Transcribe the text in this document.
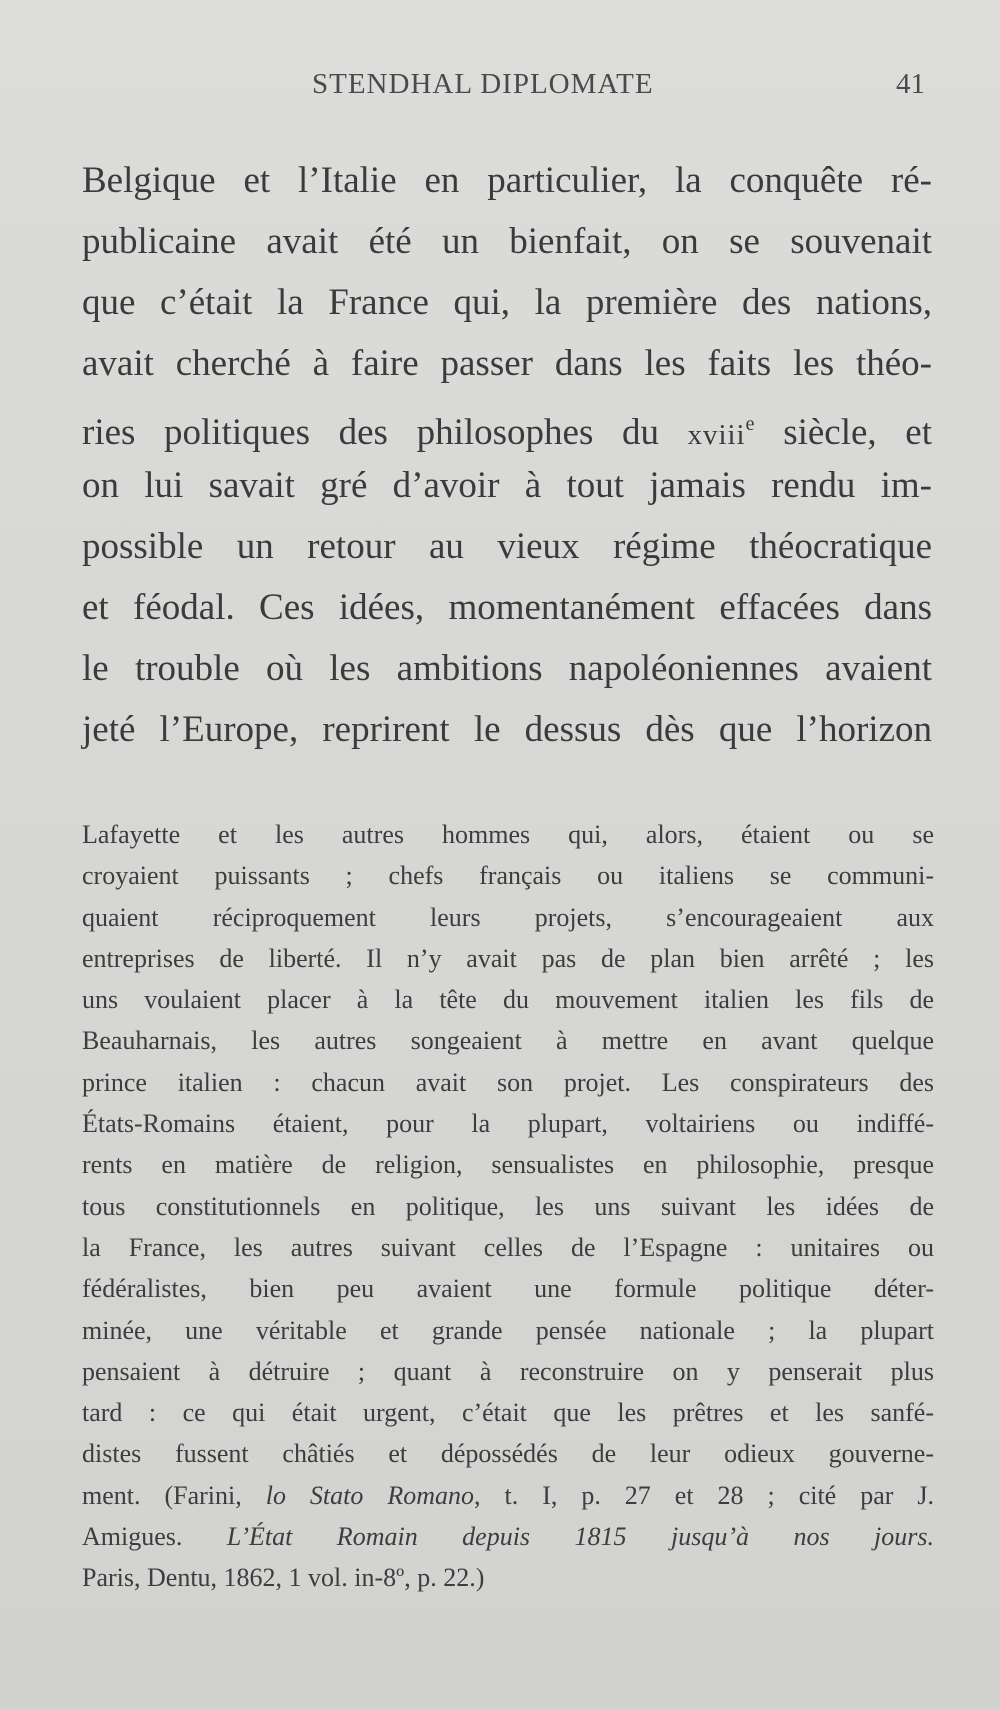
STENDHAL DIPLOMATE	41
Belgique et l’Italie en particulier, la conquête ré-
publicaine avait été un bienfait, on se souvenait
que c’était la France qui, la première des nations,
avait cherché à faire passer dans les faits les théo-
ries politiques des philosophes du xviii$^e$ siècle, et
on lui savait gré d’avoir à tout jamais rendu im-
possible un retour au vieux régime théocratique
et féodal. Ces idées, momentanément effacées dans
le trouble où les ambitions napoléoniennes avaient
jeté l’Europe, reprirent le dessus dès que l’horizon
Lafayette et les autres hommes qui, alors, étaient ou se
croyaient puissants ; chefs français ou italiens se communi-
quaient réciproquement leurs projets, s’encourageaient aux
entreprises de liberté. Il n’y avait pas de plan bien arrêté ; les
uns voulaient placer à la tête du mouvement italien les fils de
Beauharnais, les autres songeaient à mettre en avant quelque
prince italien : chacun avait son projet. Les conspirateurs des
États-Romains étaient, pour la plupart, voltairiens ou indiffé-
rents en matière de religion, sensualistes en philosophie, presque
tous constitutionnels en politique, les uns suivant les idées de
la France, les autres suivant celles de l’Espagne : unitaires ou
fédéralistes, bien peu avaient une formule politique déter-
minée, une véritable et grande pensée nationale ; la plupart
pensaient à détruire ; quant à reconstruire on y penserait plus
tard : ce qui était urgent, c’était que les prêtres et les sanfé-
distes fussent châtiés et dépossédés de leur odieux gouverne-
ment. (Farini, lo Stato Romano, t. I, p. 27 et 28 ; cité par J.
Amigues. L’État Romain depuis 1815 jusqu’à nos jours.
Paris, Dentu, 1862, 1 vol. in-8º, p. 22.)
